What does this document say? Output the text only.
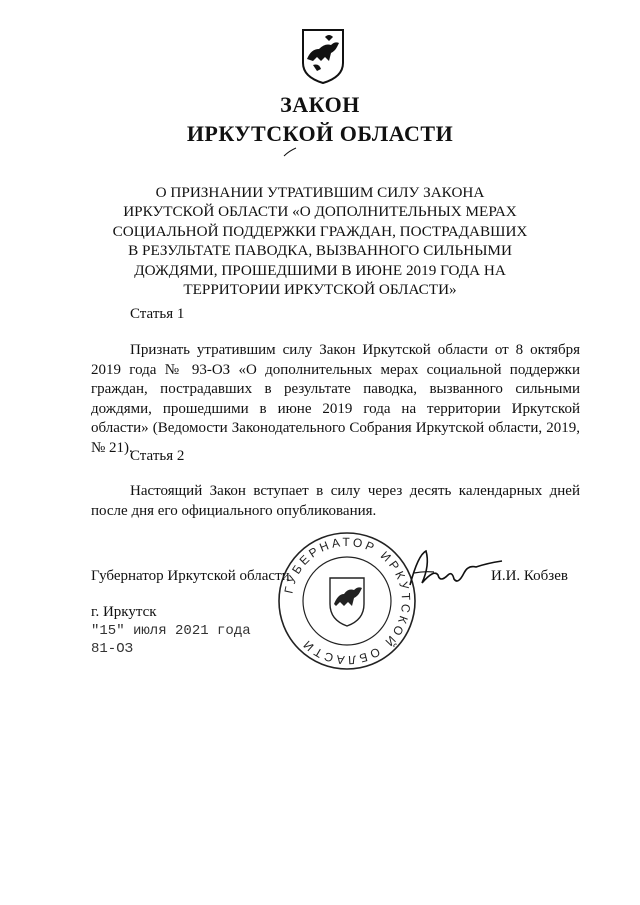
ЗАКОН
ИРКУТСКОЙ ОБЛАСТИ
О ПРИЗНАНИИ УТРАТИВШИМ СИЛУ ЗАКОНА ИРКУТСКОЙ ОБЛАСТИ «О ДОПОЛНИТЕЛЬНЫХ МЕРАХ СОЦИАЛЬНОЙ ПОДДЕРЖКИ ГРАЖДАН, ПОСТРАДАВШИХ В РЕЗУЛЬТАТЕ ПАВОДКА, ВЫЗВАННОГО СИЛЬНЫМИ ДОЖДЯМИ, ПРОШЕДШИМИ В ИЮНЕ 2019 ГОДА НА ТЕРРИТОРИИ ИРКУТСКОЙ ОБЛАСТИ»
Статья 1
Признать утратившим силу Закон Иркутской области от 8 октября 2019 года № 93-ОЗ «О дополнительных мерах социальной поддержки граждан, пострадавших в результате паводка, вызванного сильными дождями, прошедшими в июне 2019 года на территории Иркутской области» (Ведомости Законодательного Собрания Иркутской области, 2019, № 21).
Статья 2
Настоящий Закон вступает в силу через десять календарных дней после дня его официального опубликования.
Губернатор Иркутской области	И.И. Кобзев
ГУБЕРНАТОР ИРКУТСКОЙ ОБЛАСТИ
г. Иркутск
"15" июля 2021 года
81-ОЗ
